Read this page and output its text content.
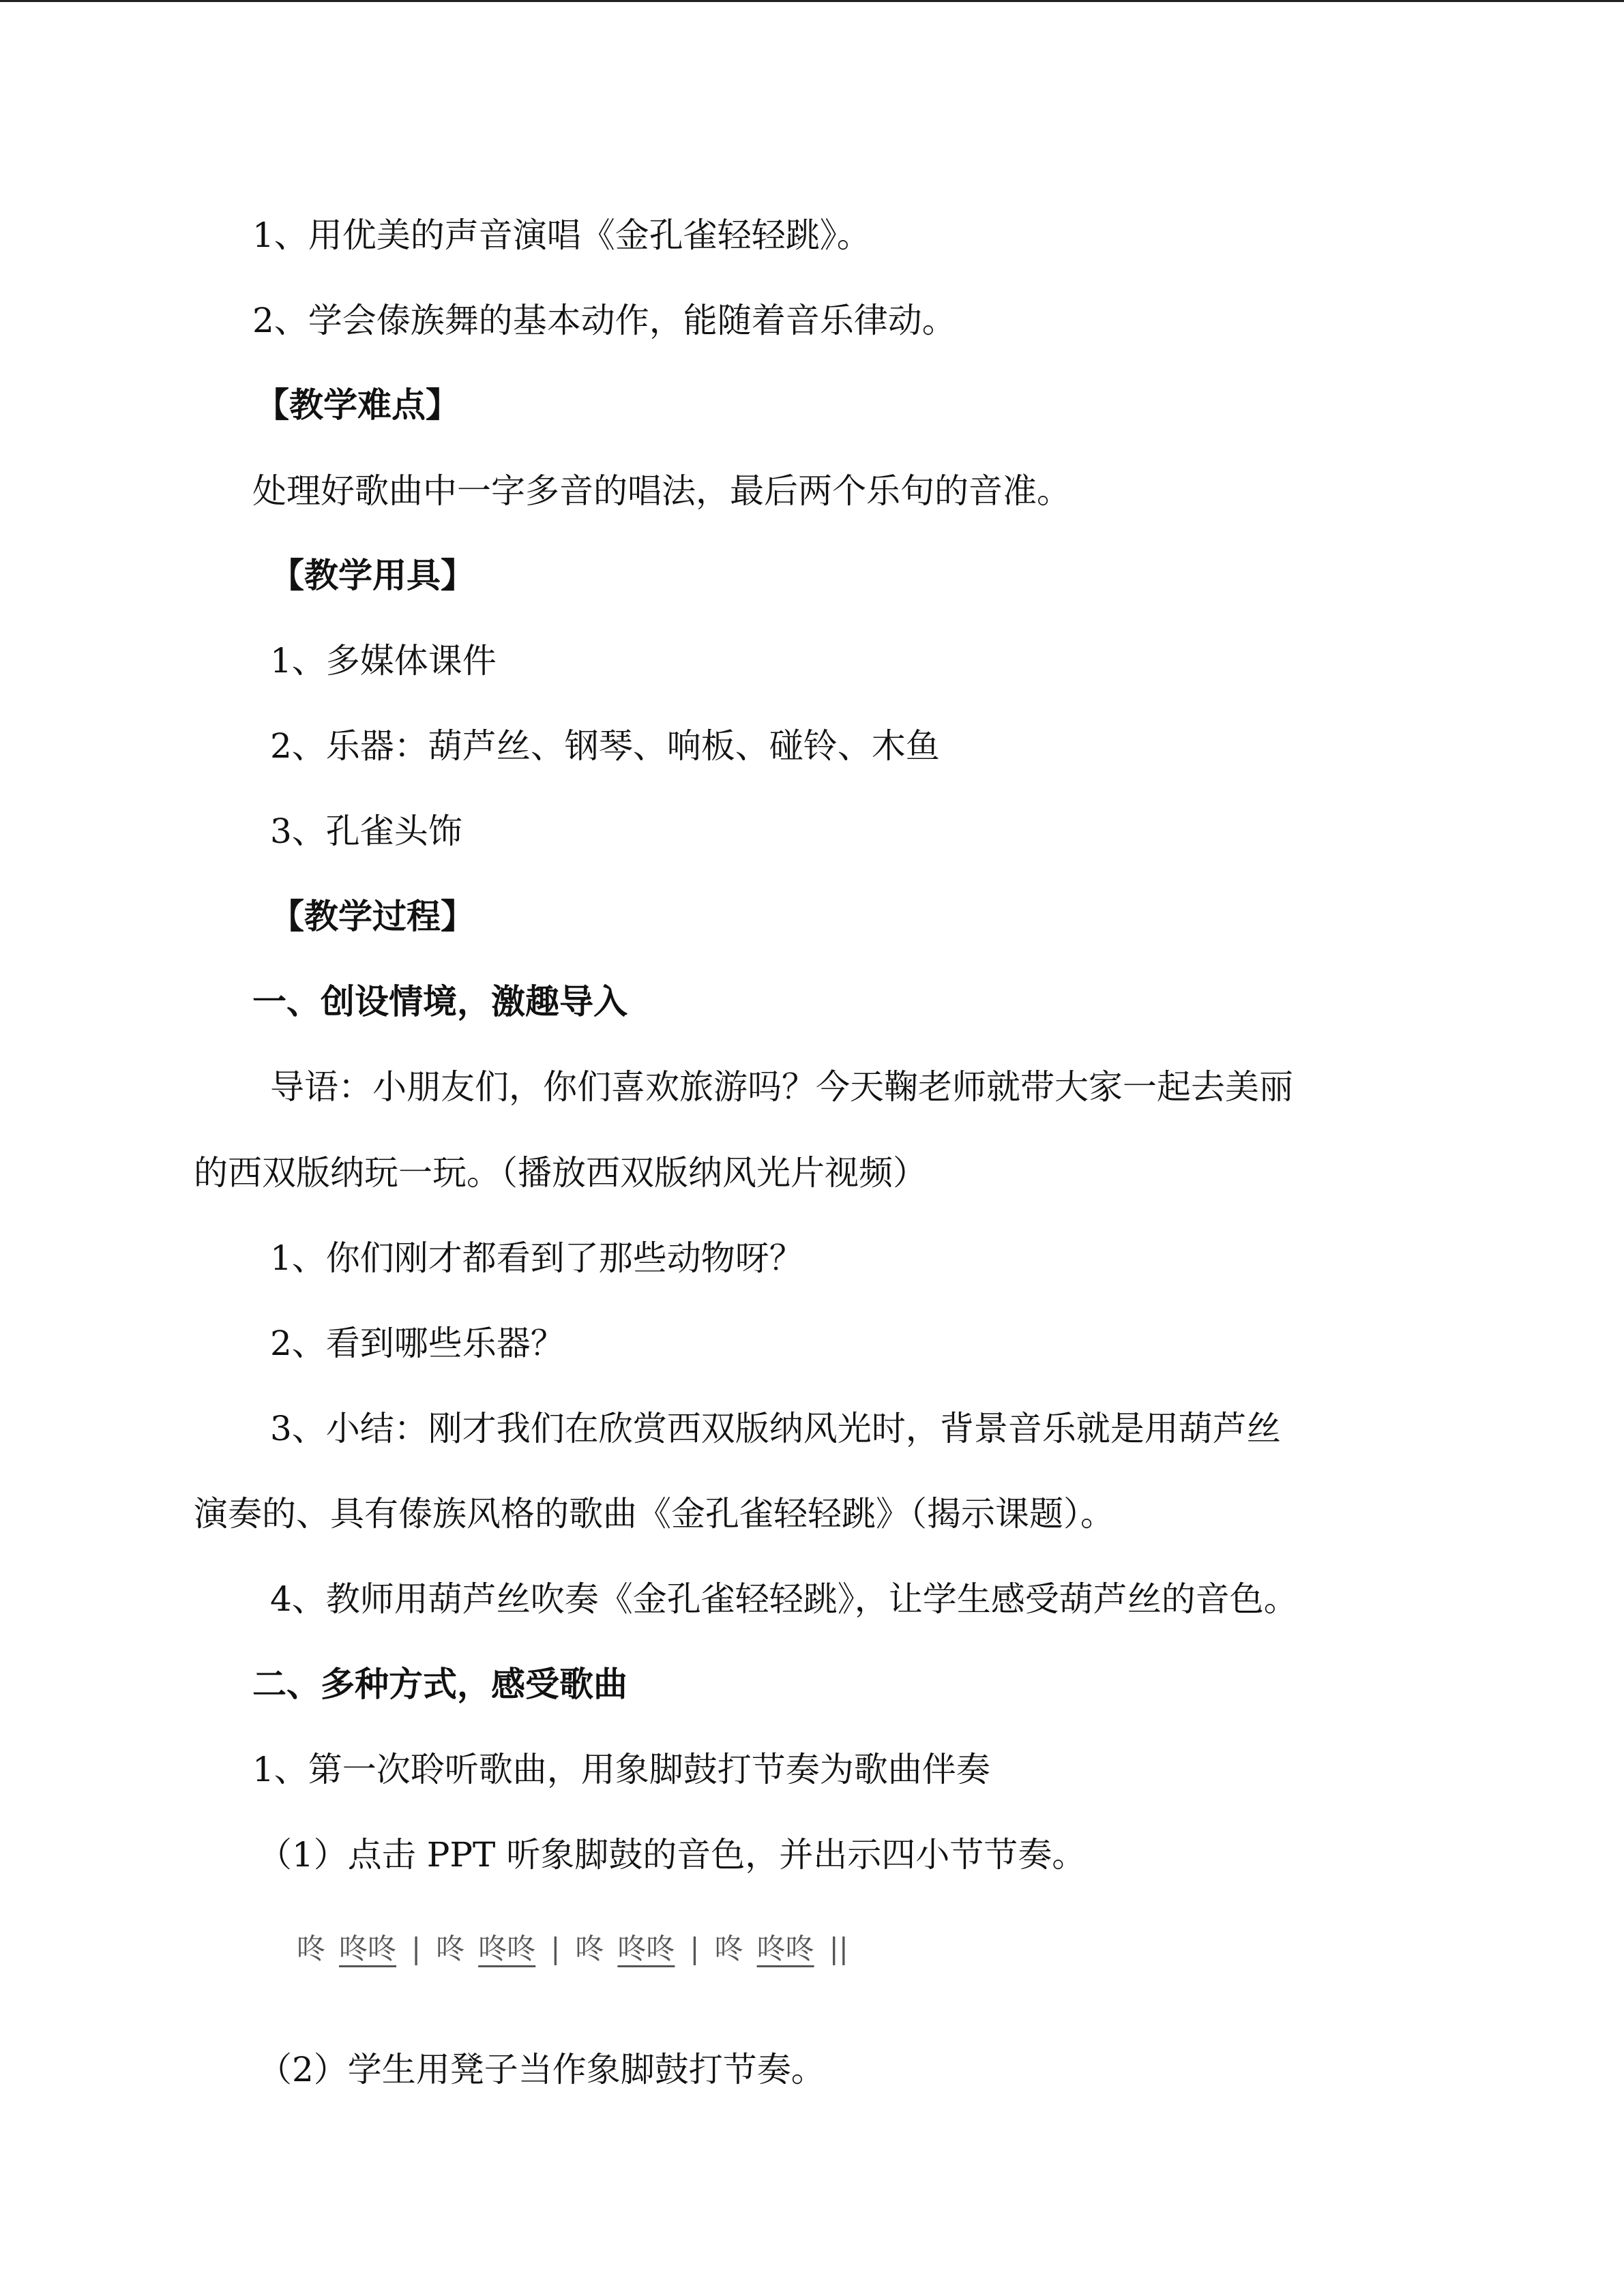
1、用优美的声音演唱《金孔雀轻轻跳》。
2、学会傣族舞的基本动作，能随着音乐律动。
【教学难点】
处理好歌曲中一字多音的唱法，最后两个乐句的音准。
【教学用具】
1、多媒体课件
2、乐器：葫芦丝、钢琴、响板、碰铃、木鱼
3、孔雀头饰
【教学过程】
一、创设情境，激趣导入
导语：小朋友们，你们喜欢旅游吗？今天鞠老师就带大家一起去美丽
的西双版纳玩一玩。（播放西双版纳风光片视频）
1、你们刚才都看到了那些动物呀？
2、看到哪些乐器？
3、小结：刚才我们在欣赏西双版纳风光时，背景音乐就是用葫芦丝
演奏的、具有傣族风格的歌曲《金孔雀轻轻跳》（揭示课题）。
4、教师用葫芦丝吹奏《金孔雀轻轻跳》，让学生感受葫芦丝的音色。
二、多种方式，感受歌曲
1、第一次聆听歌曲，用象脚鼓打节奏为歌曲伴奏
（1）点击 PPT 听象脚鼓的音色，并出示四小节节奏。
咚 咚咚 | 咚 咚咚 | 咚 咚咚 | 咚 咚咚 ||
（2）学生用凳子当作象脚鼓打节奏。
